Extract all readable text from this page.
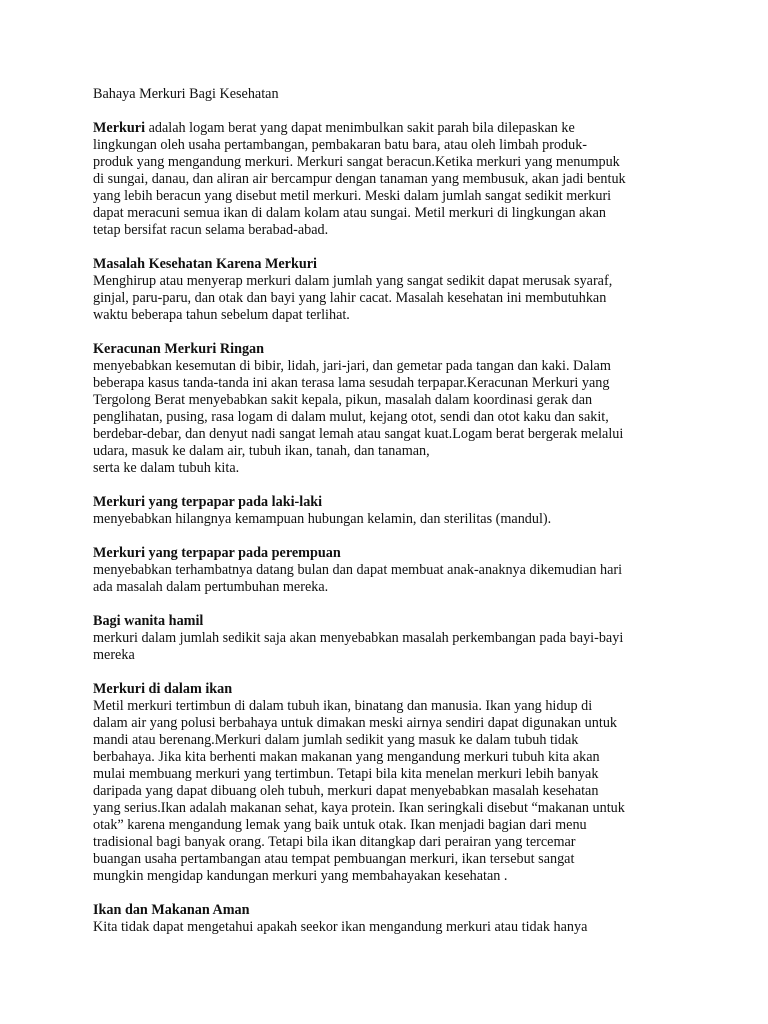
Bahaya Merkuri Bagi Kesehatan
Merkuri adalah logam berat yang dapat menimbulkan sakit parah bila dilepaskan ke
lingkungan oleh usaha pertambangan, pembakaran batu bara, atau oleh limbah produk-
produk yang mengandung merkuri. Merkuri sangat beracun.Ketika merkuri yang menumpuk
di sungai, danau, dan aliran air bercampur dengan tanaman yang membusuk, akan jadi bentuk
yang lebih beracun yang disebut metil merkuri. Meski dalam jumlah sangat sedikit merkuri
dapat meracuni semua ikan di dalam kolam atau sungai. Metil merkuri di lingkungan akan
tetap bersifat racun selama berabad-abad.
Masalah Kesehatan Karena Merkuri
Menghirup atau menyerap merkuri dalam jumlah yang sangat sedikit dapat merusak syaraf,
ginjal, paru-paru, dan otak dan bayi yang lahir cacat. Masalah kesehatan ini membutuhkan
waktu beberapa tahun sebelum dapat terlihat.
Keracunan Merkuri Ringan
menyebabkan kesemutan di bibir, lidah, jari-jari, dan gemetar pada tangan dan kaki. Dalam
beberapa kasus tanda-tanda ini akan terasa lama sesudah terpapar.Keracunan Merkuri yang
Tergolong Berat menyebabkan sakit kepala, pikun, masalah dalam koordinasi gerak dan
penglihatan, pusing, rasa logam di dalam mulut, kejang otot, sendi dan otot kaku dan sakit,
berdebar-debar, dan denyut nadi sangat lemah atau sangat kuat.Logam berat bergerak melalui
udara, masuk ke dalam air, tubuh ikan, tanah, dan tanaman,
serta ke dalam tubuh kita.
Merkuri yang terpapar pada laki-laki
menyebabkan hilangnya kemampuan hubungan kelamin, dan sterilitas (mandul).
Merkuri yang terpapar pada perempuan
menyebabkan terhambatnya datang bulan dan dapat membuat anak-anaknya dikemudian hari
ada masalah dalam pertumbuhan mereka.
Bagi wanita hamil
merkuri dalam jumlah sedikit saja akan menyebabkan masalah perkembangan pada bayi-bayi
mereka
Merkuri di dalam ikan
Metil merkuri tertimbun di dalam tubuh ikan, binatang dan manusia. Ikan yang hidup di
dalam air yang polusi berbahaya untuk dimakan meski airnya sendiri dapat digunakan untuk
mandi atau berenang.Merkuri dalam jumlah sedikit yang masuk ke dalam tubuh tidak
berbahaya. Jika kita berhenti makan makanan yang mengandung merkuri tubuh kita akan
mulai membuang merkuri yang tertimbun. Tetapi bila kita menelan merkuri lebih banyak
daripada yang dapat dibuang oleh tubuh, merkuri dapat menyebabkan masalah kesehatan
yang serius.Ikan adalah makanan sehat, kaya protein. Ikan seringkali disebut “makanan untuk
otak” karena mengandung lemak yang baik untuk otak. Ikan menjadi bagian dari menu
tradisional bagi banyak orang. Tetapi bila ikan ditangkap dari perairan yang tercemar
buangan usaha pertambangan atau tempat pembuangan merkuri, ikan tersebut sangat
mungkin mengidap kandungan merkuri yang membahayakan kesehatan .
Ikan dan Makanan Aman
Kita tidak dapat mengetahui apakah seekor ikan mengandung merkuri atau tidak hanya
